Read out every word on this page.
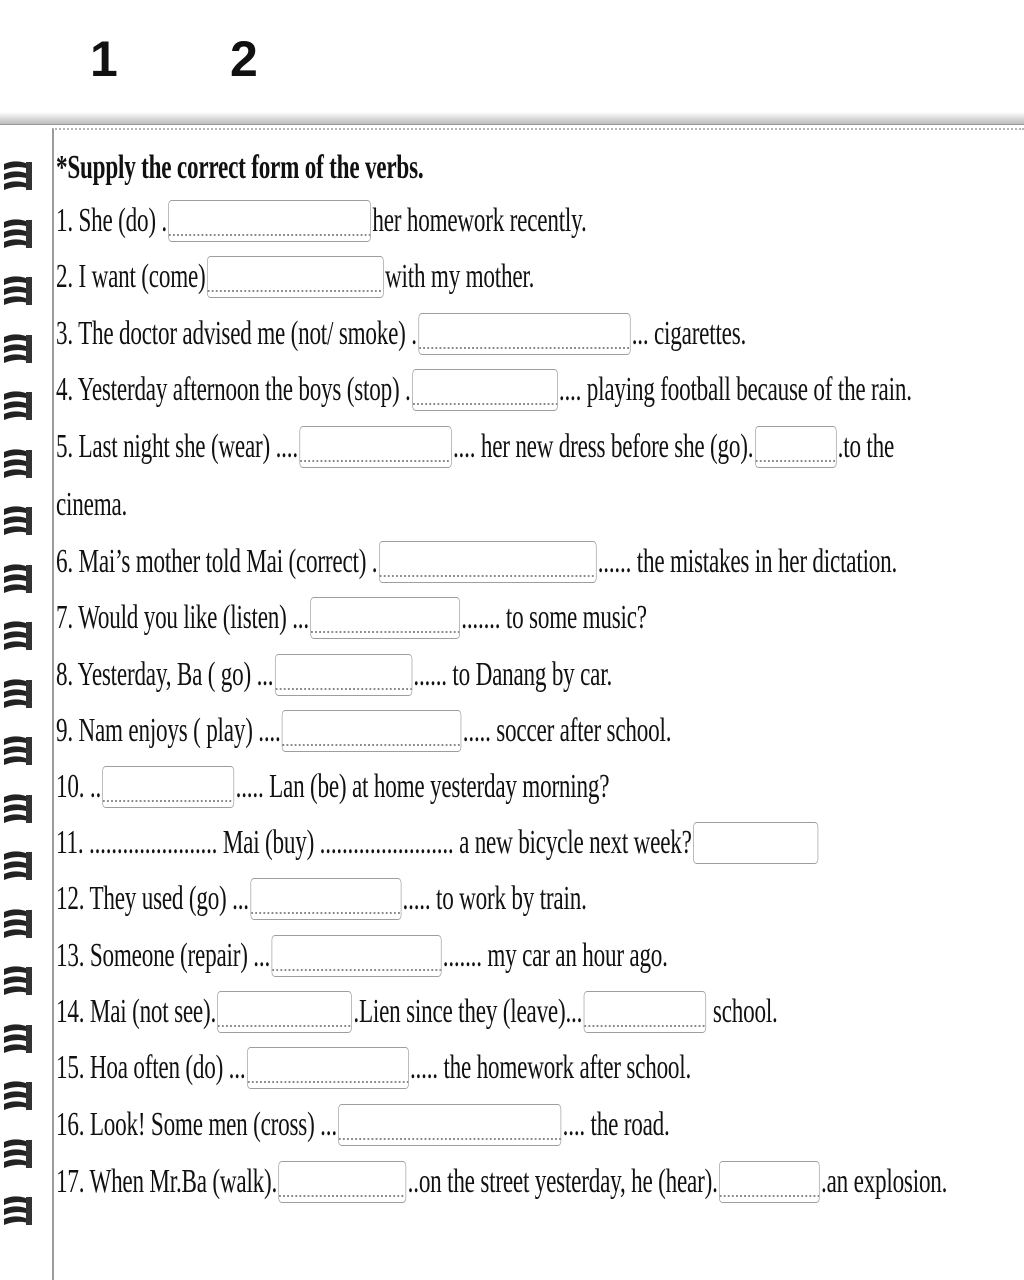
1 2
*Supply the correct form of the verbs.
1. She (do) .	her homework recently.
2. I want (come)	with my mother.
3. The doctor advised me (not/ smoke) .	... cigarettes.
4. Yesterday afternoon the boys (stop) .	.... playing football because of the rain.
5. Last night she (wear) ....	.... her new dress before she (go). .to the
cinema.
6. Mai’s mother told Mai (correct) .	...... the mistakes in her dictation.
7. Would you like (listen) ...	....... to some music?
8. Yesterday, Ba ( go) ...	...... to Danang by car.
9. Nam enjoys ( play) ....	..... soccer after school.
10. ..	..... Lan (be) at home yesterday morning?
11. ....................... Mai (buy) ........................ a new bicycle next week?
12. They used (go) ...	..... to work by train.
13. Someone (repair) ...	....... my car an hour ago.
14. Mai (not see).	.Lien since they (leave)...	school.
15. Hoa often (do) ...	..... the homework after school.
16. Look! Some men (cross) ...	.... the road.
17. When Mr.Ba (walk).	..on the street yesterday, he (hear).	.an explosion.
